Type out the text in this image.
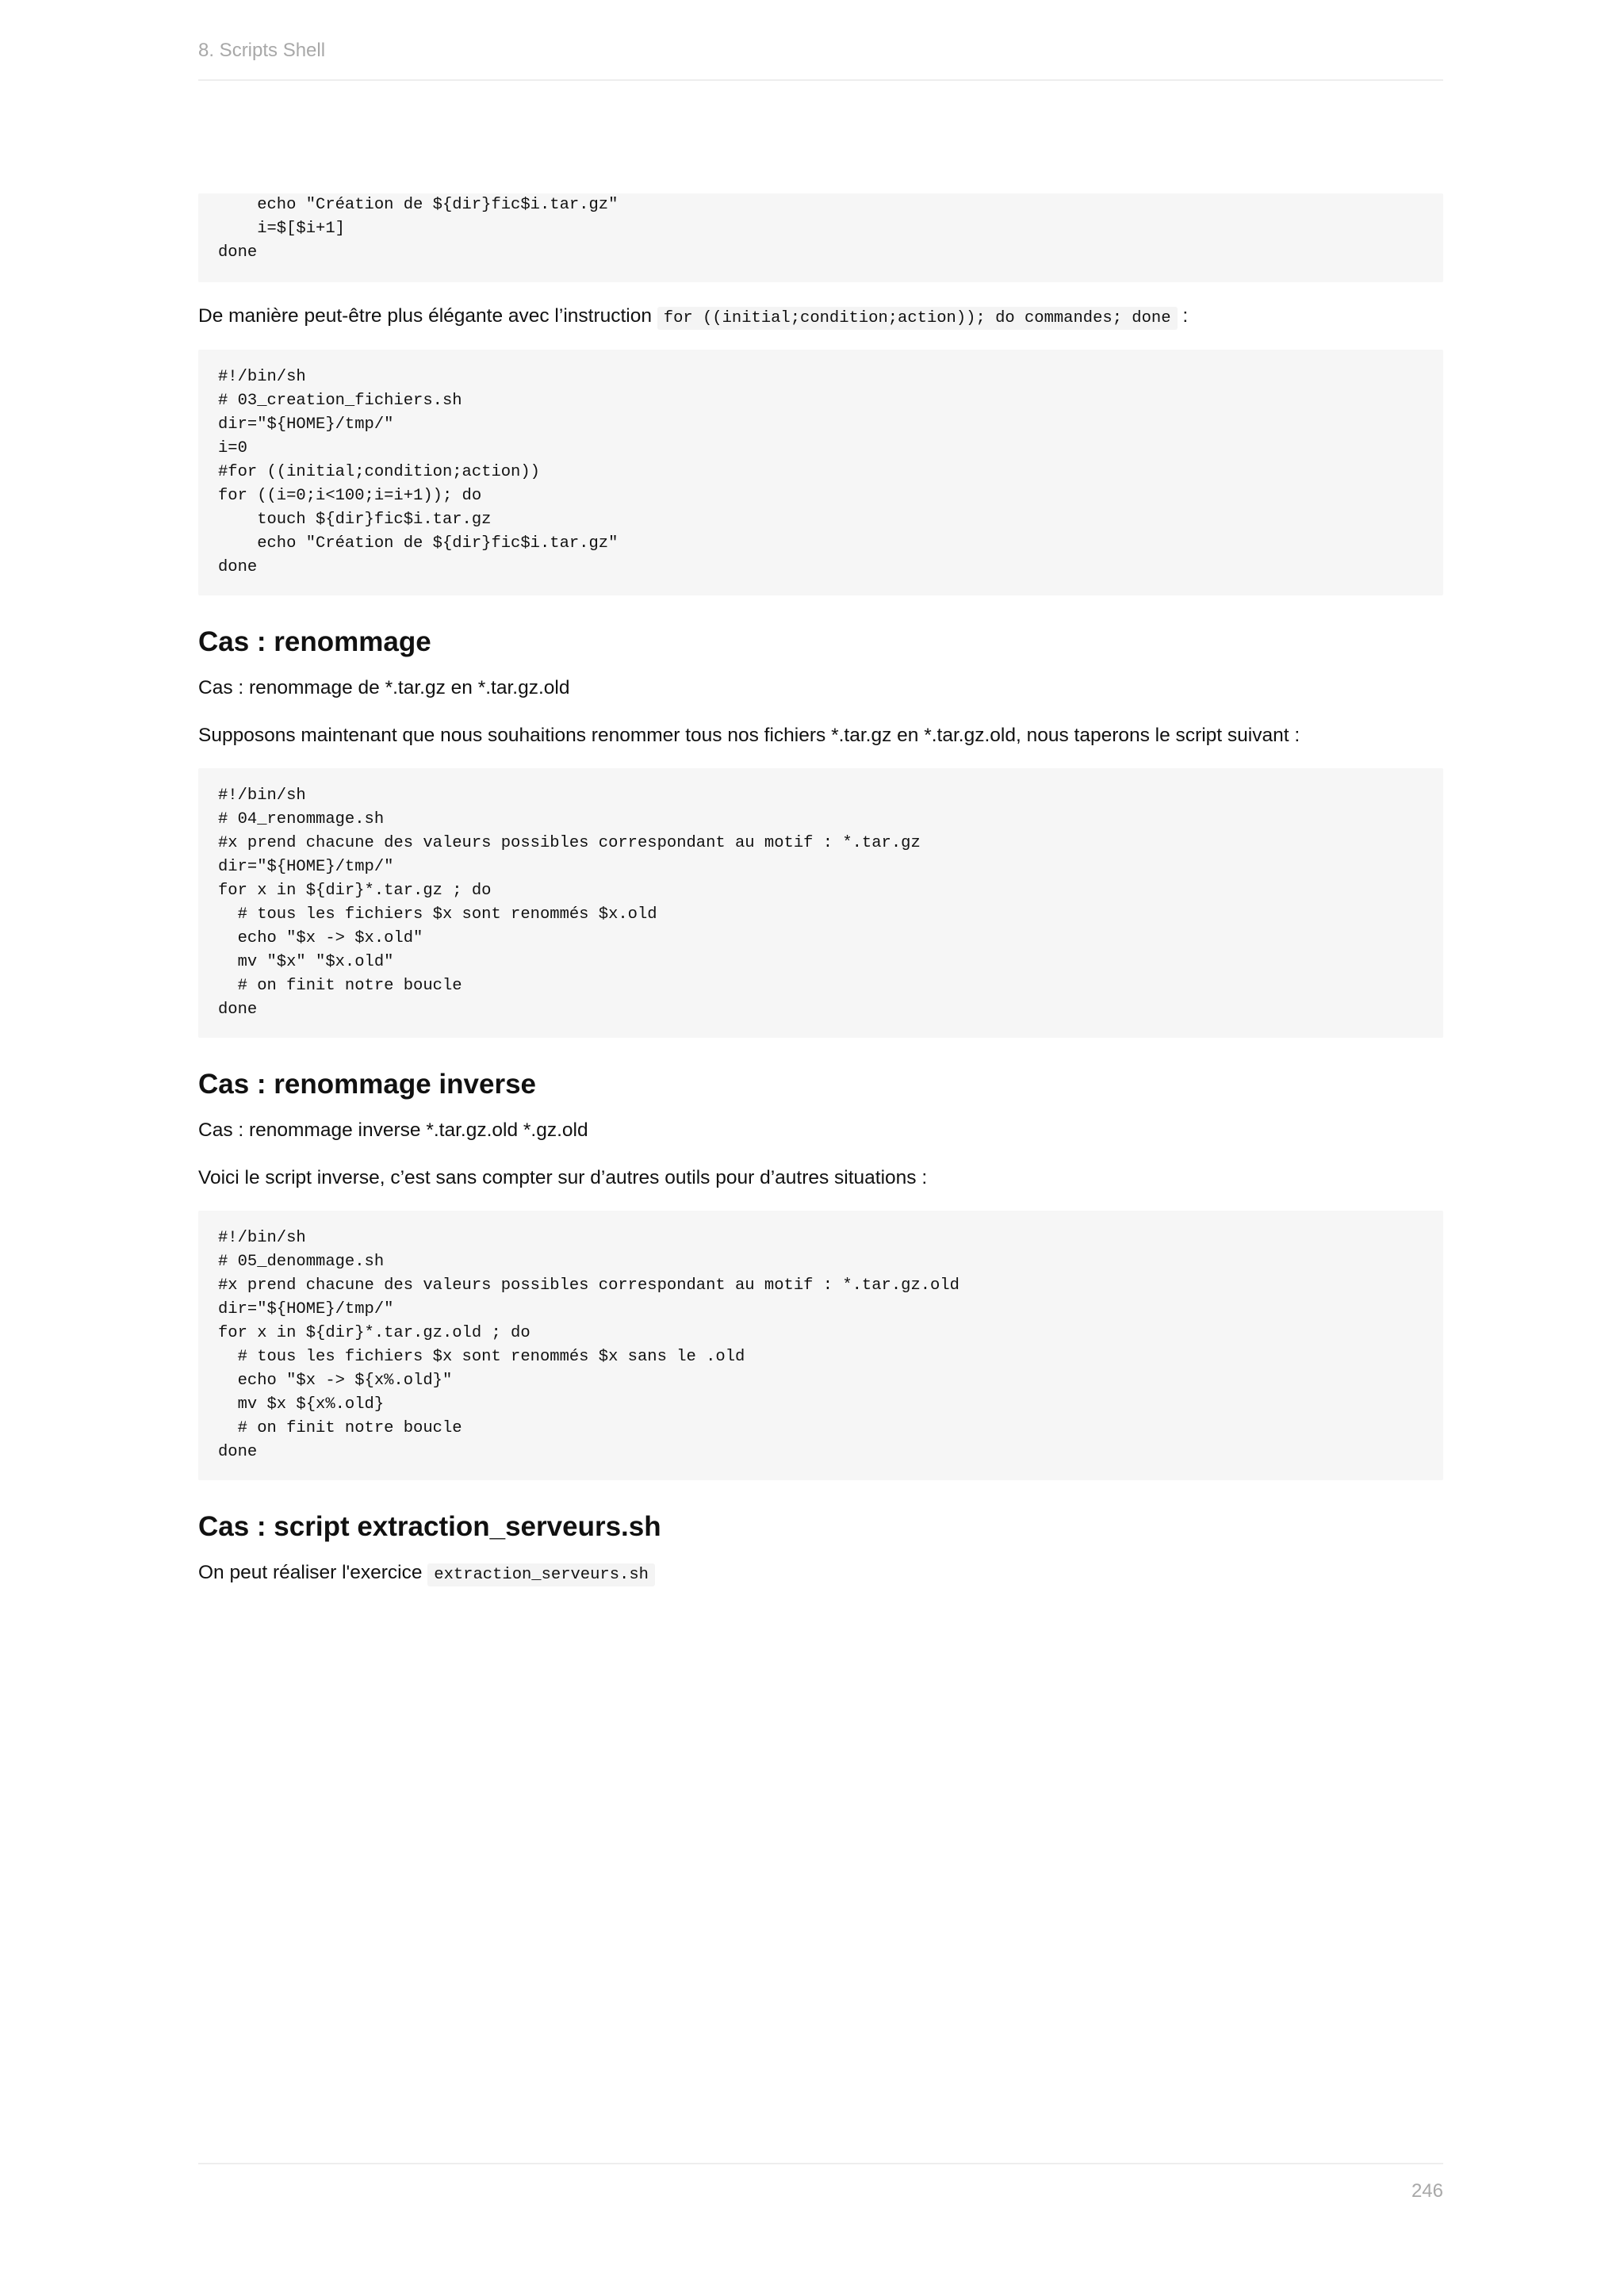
8. Scripts Shell
echo "Création de ${dir}fic$i.tar.gz"
i=$[$i+1]
done

De manière peut-être plus élégante avec l’instruction for ((initial;condition;action)); do commandes; done :

#!/bin/sh
# 03_creation_fichiers.sh
dir="${HOME}/tmp/"
i=0
#for ((initial;condition;action))
for ((i=0;i<100;i=i+1)); do
touch ${dir}fic$i.tar.gz
echo "Création de ${dir}fic$i.tar.gz"
done
Cas : renommage

Cas : renommage de *.tar.gz en *.tar.gz.old

Supposons maintenant que nous souhaitions renommer tous nos fichiers *.tar.gz en *.tar.gz.old, nous taperons le script suivant :

#!/bin/sh
# 04_renommage.sh
#x prend chacune des valeurs possibles correspondant au motif : *.tar.gz
dir="${HOME}/tmp/"
for x in ${dir}*.tar.gz ; do
# tous les fichiers $x sont renommés $x.old
echo "$x -> $x.old"
mv "$x" "$x.old"
# on finit notre boucle
done
Cas : renommage inverse

Cas : renommage inverse *.tar.gz.old *.gz.old

Voici le script inverse, c’est sans compter sur d’autres outils pour d’autres situations :

#!/bin/sh
# 05_denommage.sh
#x prend chacune des valeurs possibles correspondant au motif : *.tar.gz.old
dir="${HOME}/tmp/"
for x in ${dir}*.tar.gz.old ; do
# tous les fichiers $x sont renommés $x sans le .old
echo "$x -> ${x%.old}"
mv $x ${x%.old}
# on finit notre boucle
done
Cas : script extraction_serveurs.sh

On peut réaliser l'exercice extraction_serveurs.sh

246
